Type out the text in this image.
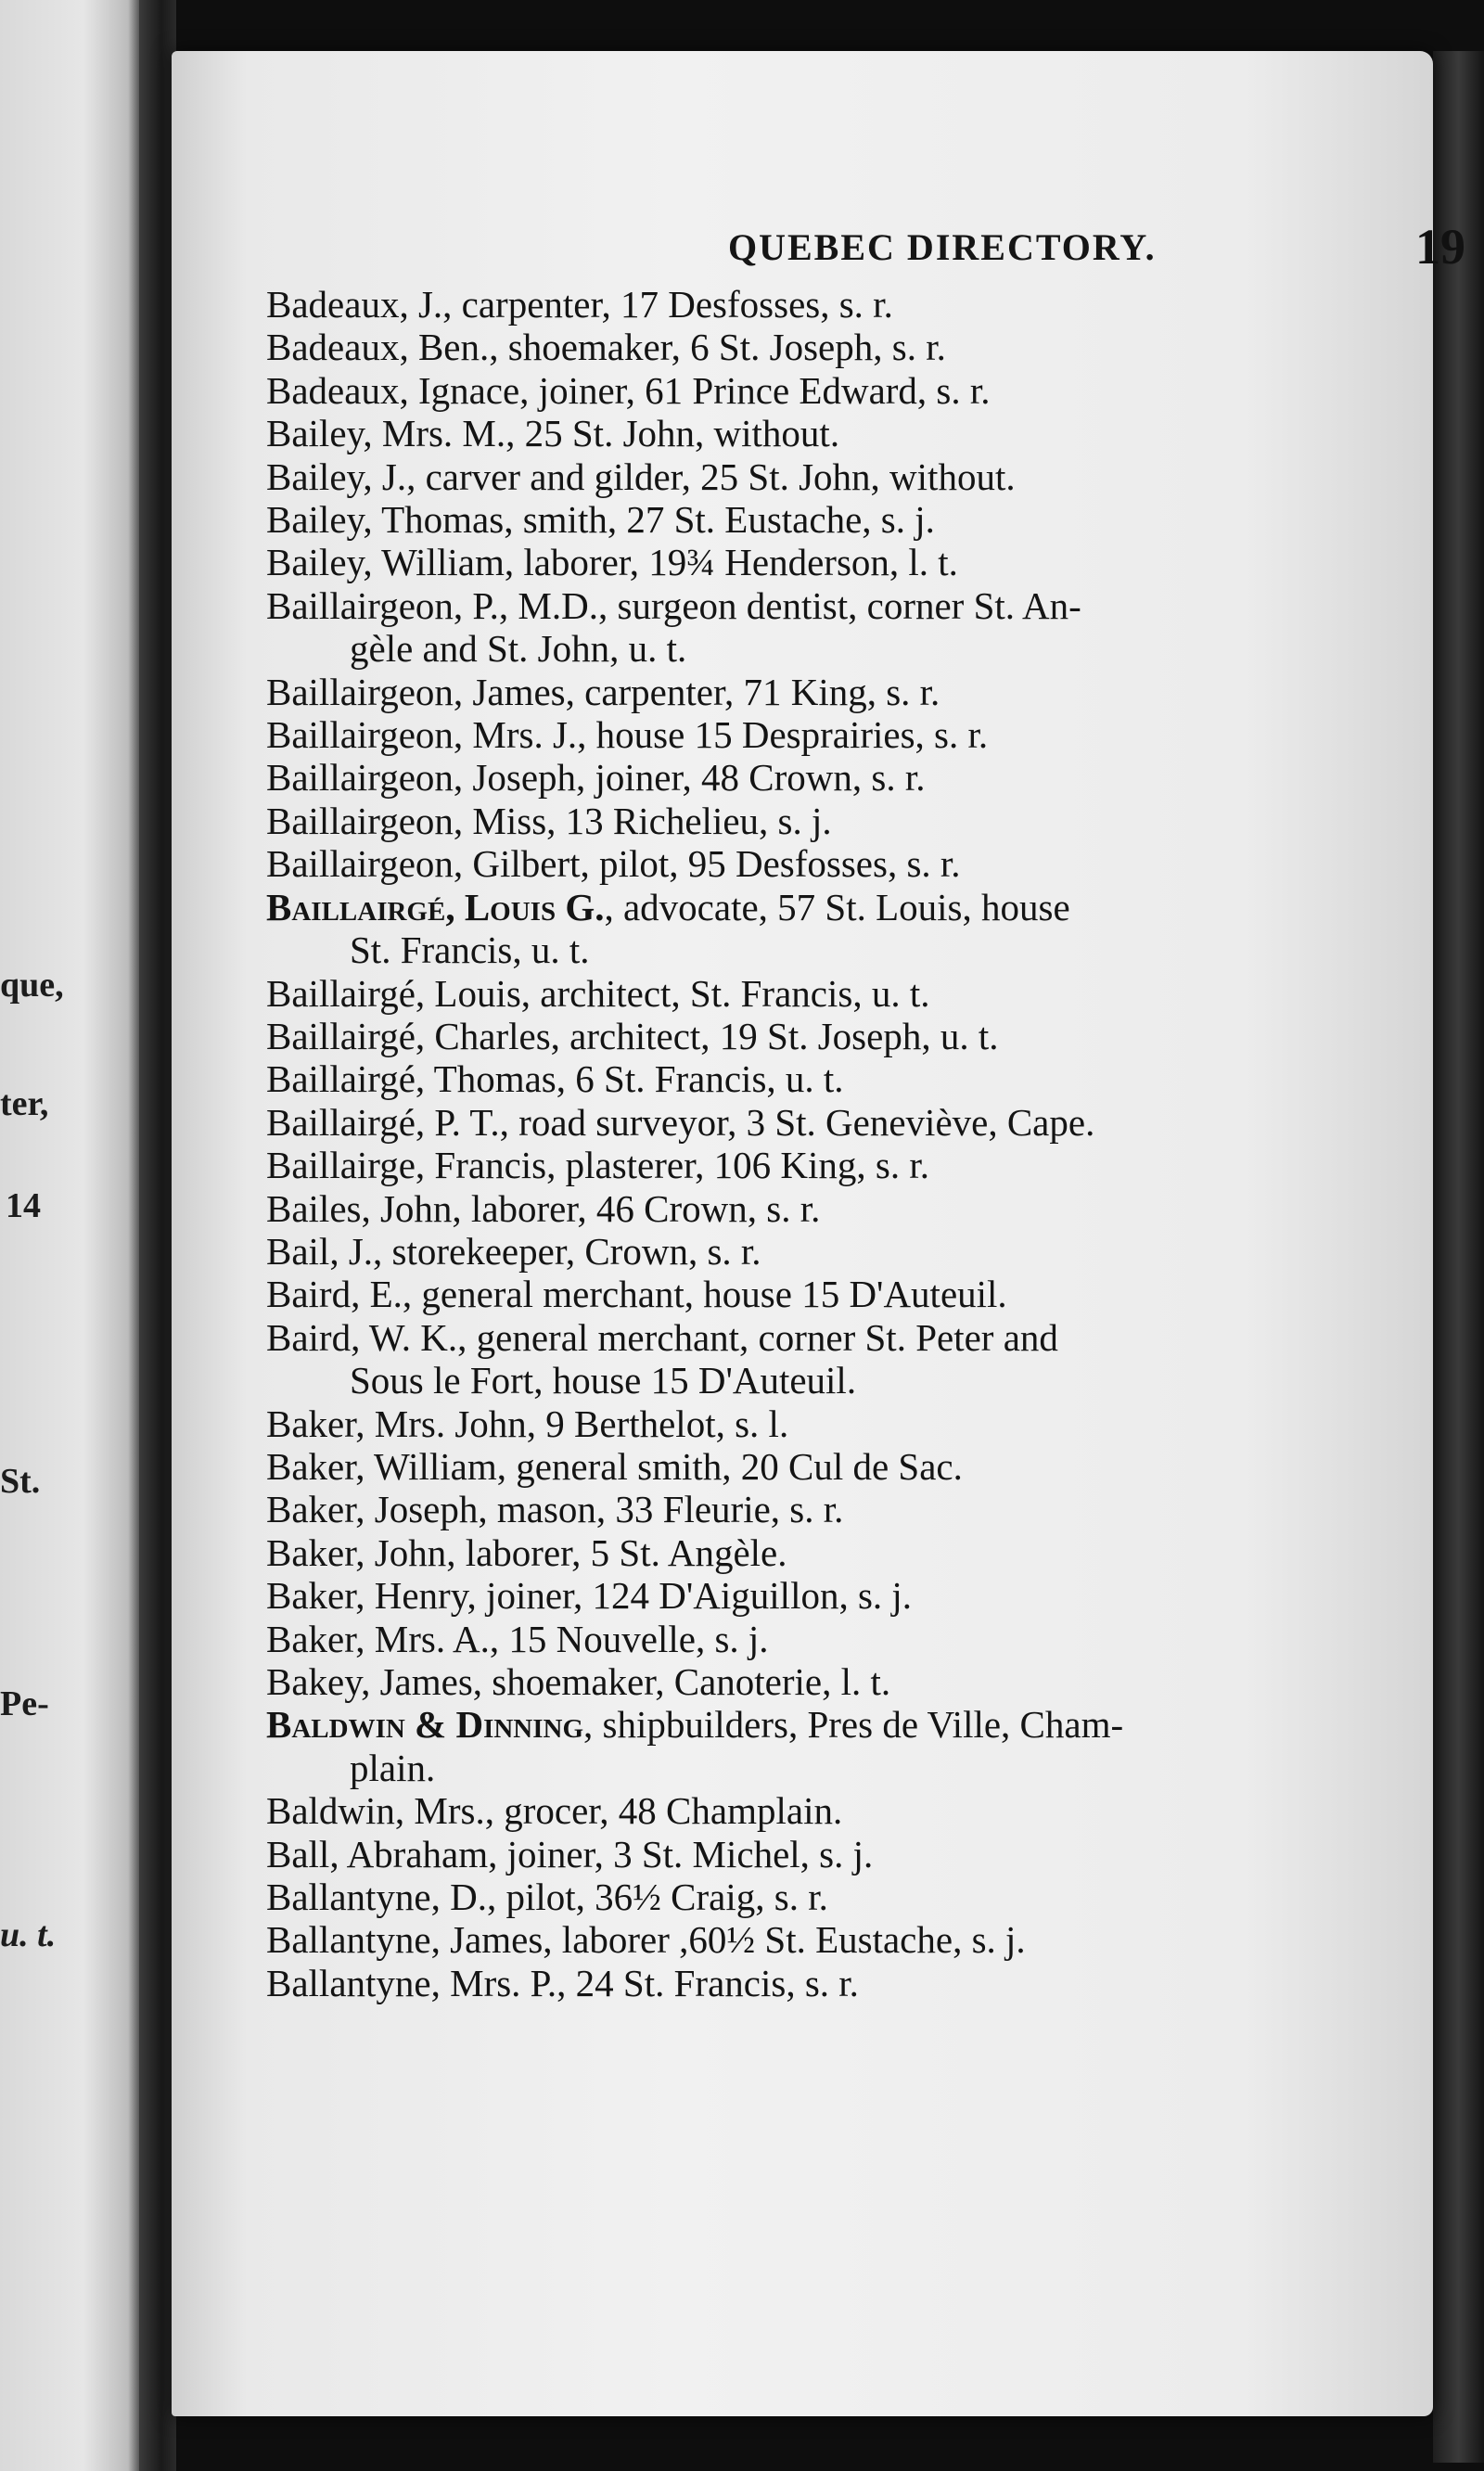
que,
ter,
14
St.
Pe-
u. t.
QUEBEC DIRECTORY.	19
Badeaux, J., carpenter, 17 Desfosses, s. r.
Badeaux, Ben., shoemaker, 6 St. Joseph, s. r.
Badeaux, Ignace, joiner, 61 Prince Edward, s. r.
Bailey, Mrs. M., 25 St. John, without.
Bailey, J., carver and gilder, 25 St. John, without.
Bailey, Thomas, smith, 27 St. Eustache, s. j.
Bailey, William, laborer, 19¾ Henderson, l. t.
Baillairgeon, P., M.D., surgeon dentist, corner St. An-
gèle and St. John, u. t.
Baillairgeon, James, carpenter, 71 King, s. r.
Baillairgeon, Mrs. J., house 15 Desprairies, s. r.
Baillairgeon, Joseph, joiner, 48 Crown, s. r.
Baillairgeon, Miss, 13 Richelieu, s. j.
Baillairgeon, Gilbert, pilot, 95 Desfosses, s. r.
Baillairgé, Louis G., advocate, 57 St. Louis, house
St. Francis, u. t.
Baillairgé, Louis, architect, St. Francis, u. t.
Baillairgé, Charles, architect, 19 St. Joseph, u. t.
Baillairgé, Thomas, 6 St. Francis, u. t.
Baillairgé, P. T., road surveyor, 3 St. Geneviève, Cape.
Baillairge, Francis, plasterer, 106 King, s. r.
Bailes, John, laborer, 46 Crown, s. r.
Bail, J., storekeeper, Crown, s. r.
Baird, E., general merchant, house 15 D'Auteuil.
Baird, W. K., general merchant, corner St. Peter and
Sous le Fort, house 15 D'Auteuil.
Baker, Mrs. John, 9 Berthelot, s. l.
Baker, William, general smith, 20 Cul de Sac.
Baker, Joseph, mason, 33 Fleurie, s. r.
Baker, John, laborer, 5 St. Angèle.
Baker, Henry, joiner, 124 D'Aiguillon, s. j.
Baker, Mrs. A., 15 Nouvelle, s. j.
Bakey, James, shoemaker, Canoterie, l. t.
Baldwin & Dinning, shipbuilders, Pres de Ville, Cham-
plain.
Baldwin, Mrs., grocer, 48 Champlain.
Ball, Abraham, joiner, 3 St. Michel, s. j.
Ballantyne, D., pilot, 36½ Craig, s. r.
Ballantyne, James, laborer ,60½ St. Eustache, s. j.
Ballantyne, Mrs. P., 24 St. Francis, s. r.
